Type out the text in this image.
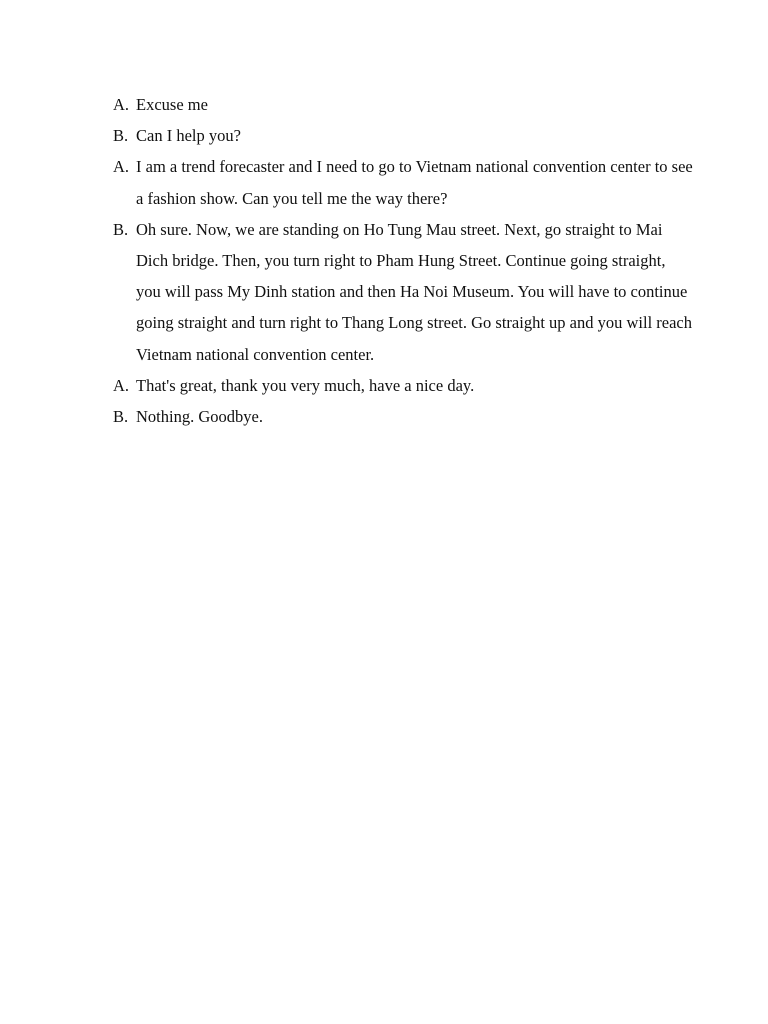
A. Excuse me
B. Can I help you?
A. I am a trend forecaster and I need to go to Vietnam national convention center to see a fashion show. Can you tell me the way there?
B. Oh sure. Now, we are standing on Ho Tung Mau street. Next, go straight to Mai Dich bridge. Then, you turn right to Pham Hung Street. Continue going straight, you will pass My Dinh station and then Ha Noi Museum. You will have to continue going straight and turn right to Thang Long street. Go straight up and you will reach Vietnam national convention center.
A. That's great, thank you very much, have a nice day.
B. Nothing. Goodbye.
